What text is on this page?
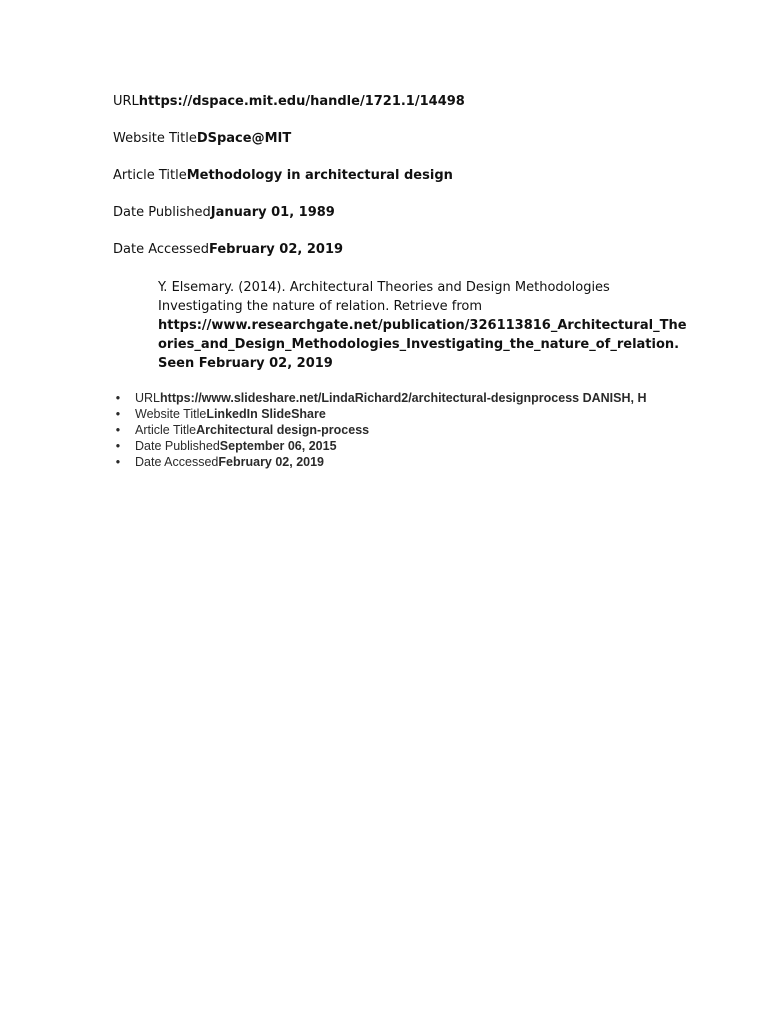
URLhttps://dspace.mit.edu/handle/1721.1/14498
Website TitleDSpace@MIT
Article TitleMethodology in architectural design
Date PublishedJanuary 01, 1989
Date AccessedFebruary 02, 2019
Y. Elsemary. (2014). Architectural Theories and Design Methodologies Investigating the nature of relation. Retrieve from
https://www.researchgate.net/publication/326113816_Architectural_Theories_and_Design_Methodologies_Investigating_the_nature_of_relation. Seen February 02, 2019
• URLhttps://www.slideshare.net/LindaRichard2/architectural-designprocess DANISH, H
• Website TitleLinkedIn SlideShare
• Article TitleArchitectural design-process
• Date PublishedSeptember 06, 2015
• Date AccessedFebruary 02, 2019
